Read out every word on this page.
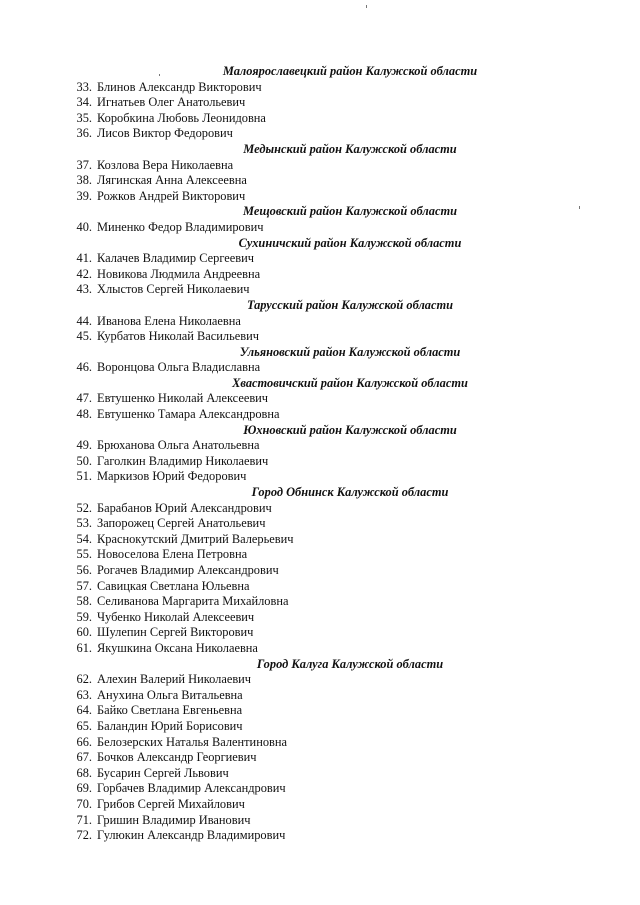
Малоярославецкий район Калужской области
33. Блинов Александр Викторович
34. Игнатьев Олег Анатольевич
35. Коробкина Любовь Леонидовна
36. Лисов Виктор Федорович
Медынский район Калужской области
37. Козлова Вера Николаевна
38. Лягинская Анна Алексеевна
39. Рожков Андрей Викторович
Мещовский район Калужской области
40. Миненко Федор Владимирович
Сухиничский район Калужской области
41. Калачев Владимир Сергеевич
42. Новикова Людмила Андреевна
43. Хлыстов Сергей Николаевич
Тарусский район Калужской области
44. Иванова Елена Николаевна
45. Курбатов Николай Васильевич
Ульяновский район Калужской области
46. Воронцова Ольга Владиславна
Хвастовичский район Калужской области
47. Евтушенко Николай Алексеевич
48. Евтушенко Тамара Александровна
Юхновский район Калужской области
49. Брюханова Ольга Анатольевна
50. Гаголкин Владимир Николаевич
51. Маркизов Юрий Федорович
Город Обнинск Калужской области
52. Барабанов Юрий Александрович
53. Запорожец Сергей Анатольевич
54. Краснокутский Дмитрий Валерьевич
55. Новоселова Елена Петровна
56. Рогачев Владимир Александрович
57. Савицкая Светлана Юльевна
58. Селиванова Маргарита Михайловна
59. Чубенко Николай Алексеевич
60. Шулепин Сергей Викторович
61. Якушкина Оксана Николаевна
Город Калуга Калужской области
62. Алехин Валерий Николаевич
63. Анухина Ольга Витальевна
64. Байко Светлана Евгеньевна
65. Баландин Юрий Борисович
66. Белозерских Наталья Валентиновна
67. Бочков Александр Георгиевич
68. Бусарин Сергей Львович
69. Горбачев Владимир Александрович
70. Грибов Сергей Михайлович
71. Гришин Владимир Иванович
72. Гулюкин Александр Владимирович
